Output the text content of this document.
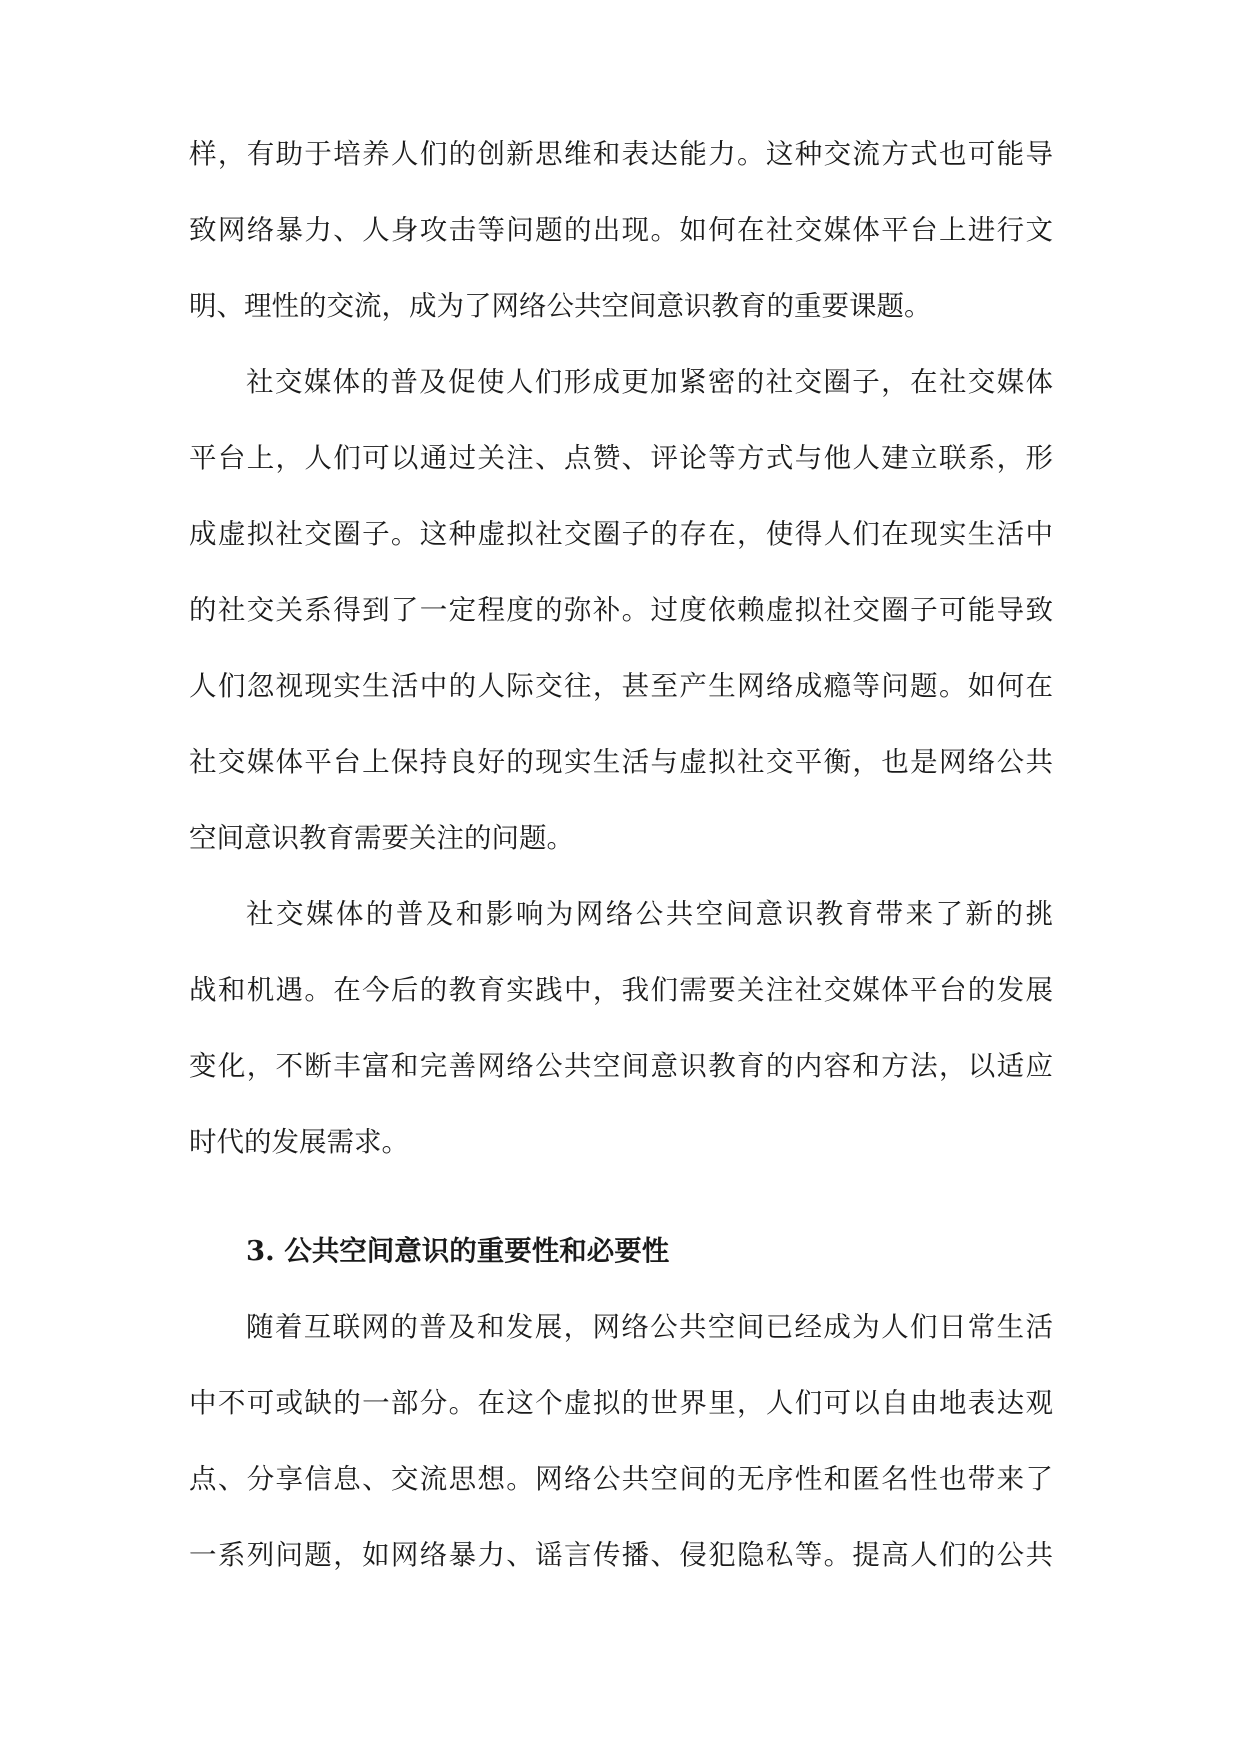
样，有助于培养人们的创新思维和表达能力。这种交流方式也可能导
致网络暴力、人身攻击等问题的出现。如何在社交媒体平台上进行文
明、理性的交流，成为了网络公共空间意识教育的重要课题。
社交媒体的普及促使人们形成更加紧密的社交圈子，在社交媒体
平台上，人们可以通过关注、点赞、评论等方式与他人建立联系，形
成虚拟社交圈子。这种虚拟社交圈子的存在，使得人们在现实生活中
的社交关系得到了一定程度的弥补。过度依赖虚拟社交圈子可能导致
人们忽视现实生活中的人际交往，甚至产生网络成瘾等问题。如何在
社交媒体平台上保持良好的现实生活与虚拟社交平衡，也是网络公共
空间意识教育需要关注的问题。
社交媒体的普及和影响为网络公共空间意识教育带来了新的挑
战和机遇。在今后的教育实践中，我们需要关注社交媒体平台的发展
变化，不断丰富和完善网络公共空间意识教育的内容和方法，以适应
时代的发展需求。
3. 公共空间意识的重要性和必要性
随着互联网的普及和发展，网络公共空间已经成为人们日常生活
中不可或缺的一部分。在这个虚拟的世界里，人们可以自由地表达观
点、分享信息、交流思想。网络公共空间的无序性和匿名性也带来了
一系列问题，如网络暴力、谣言传播、侵犯隐私等。提高人们的公共
